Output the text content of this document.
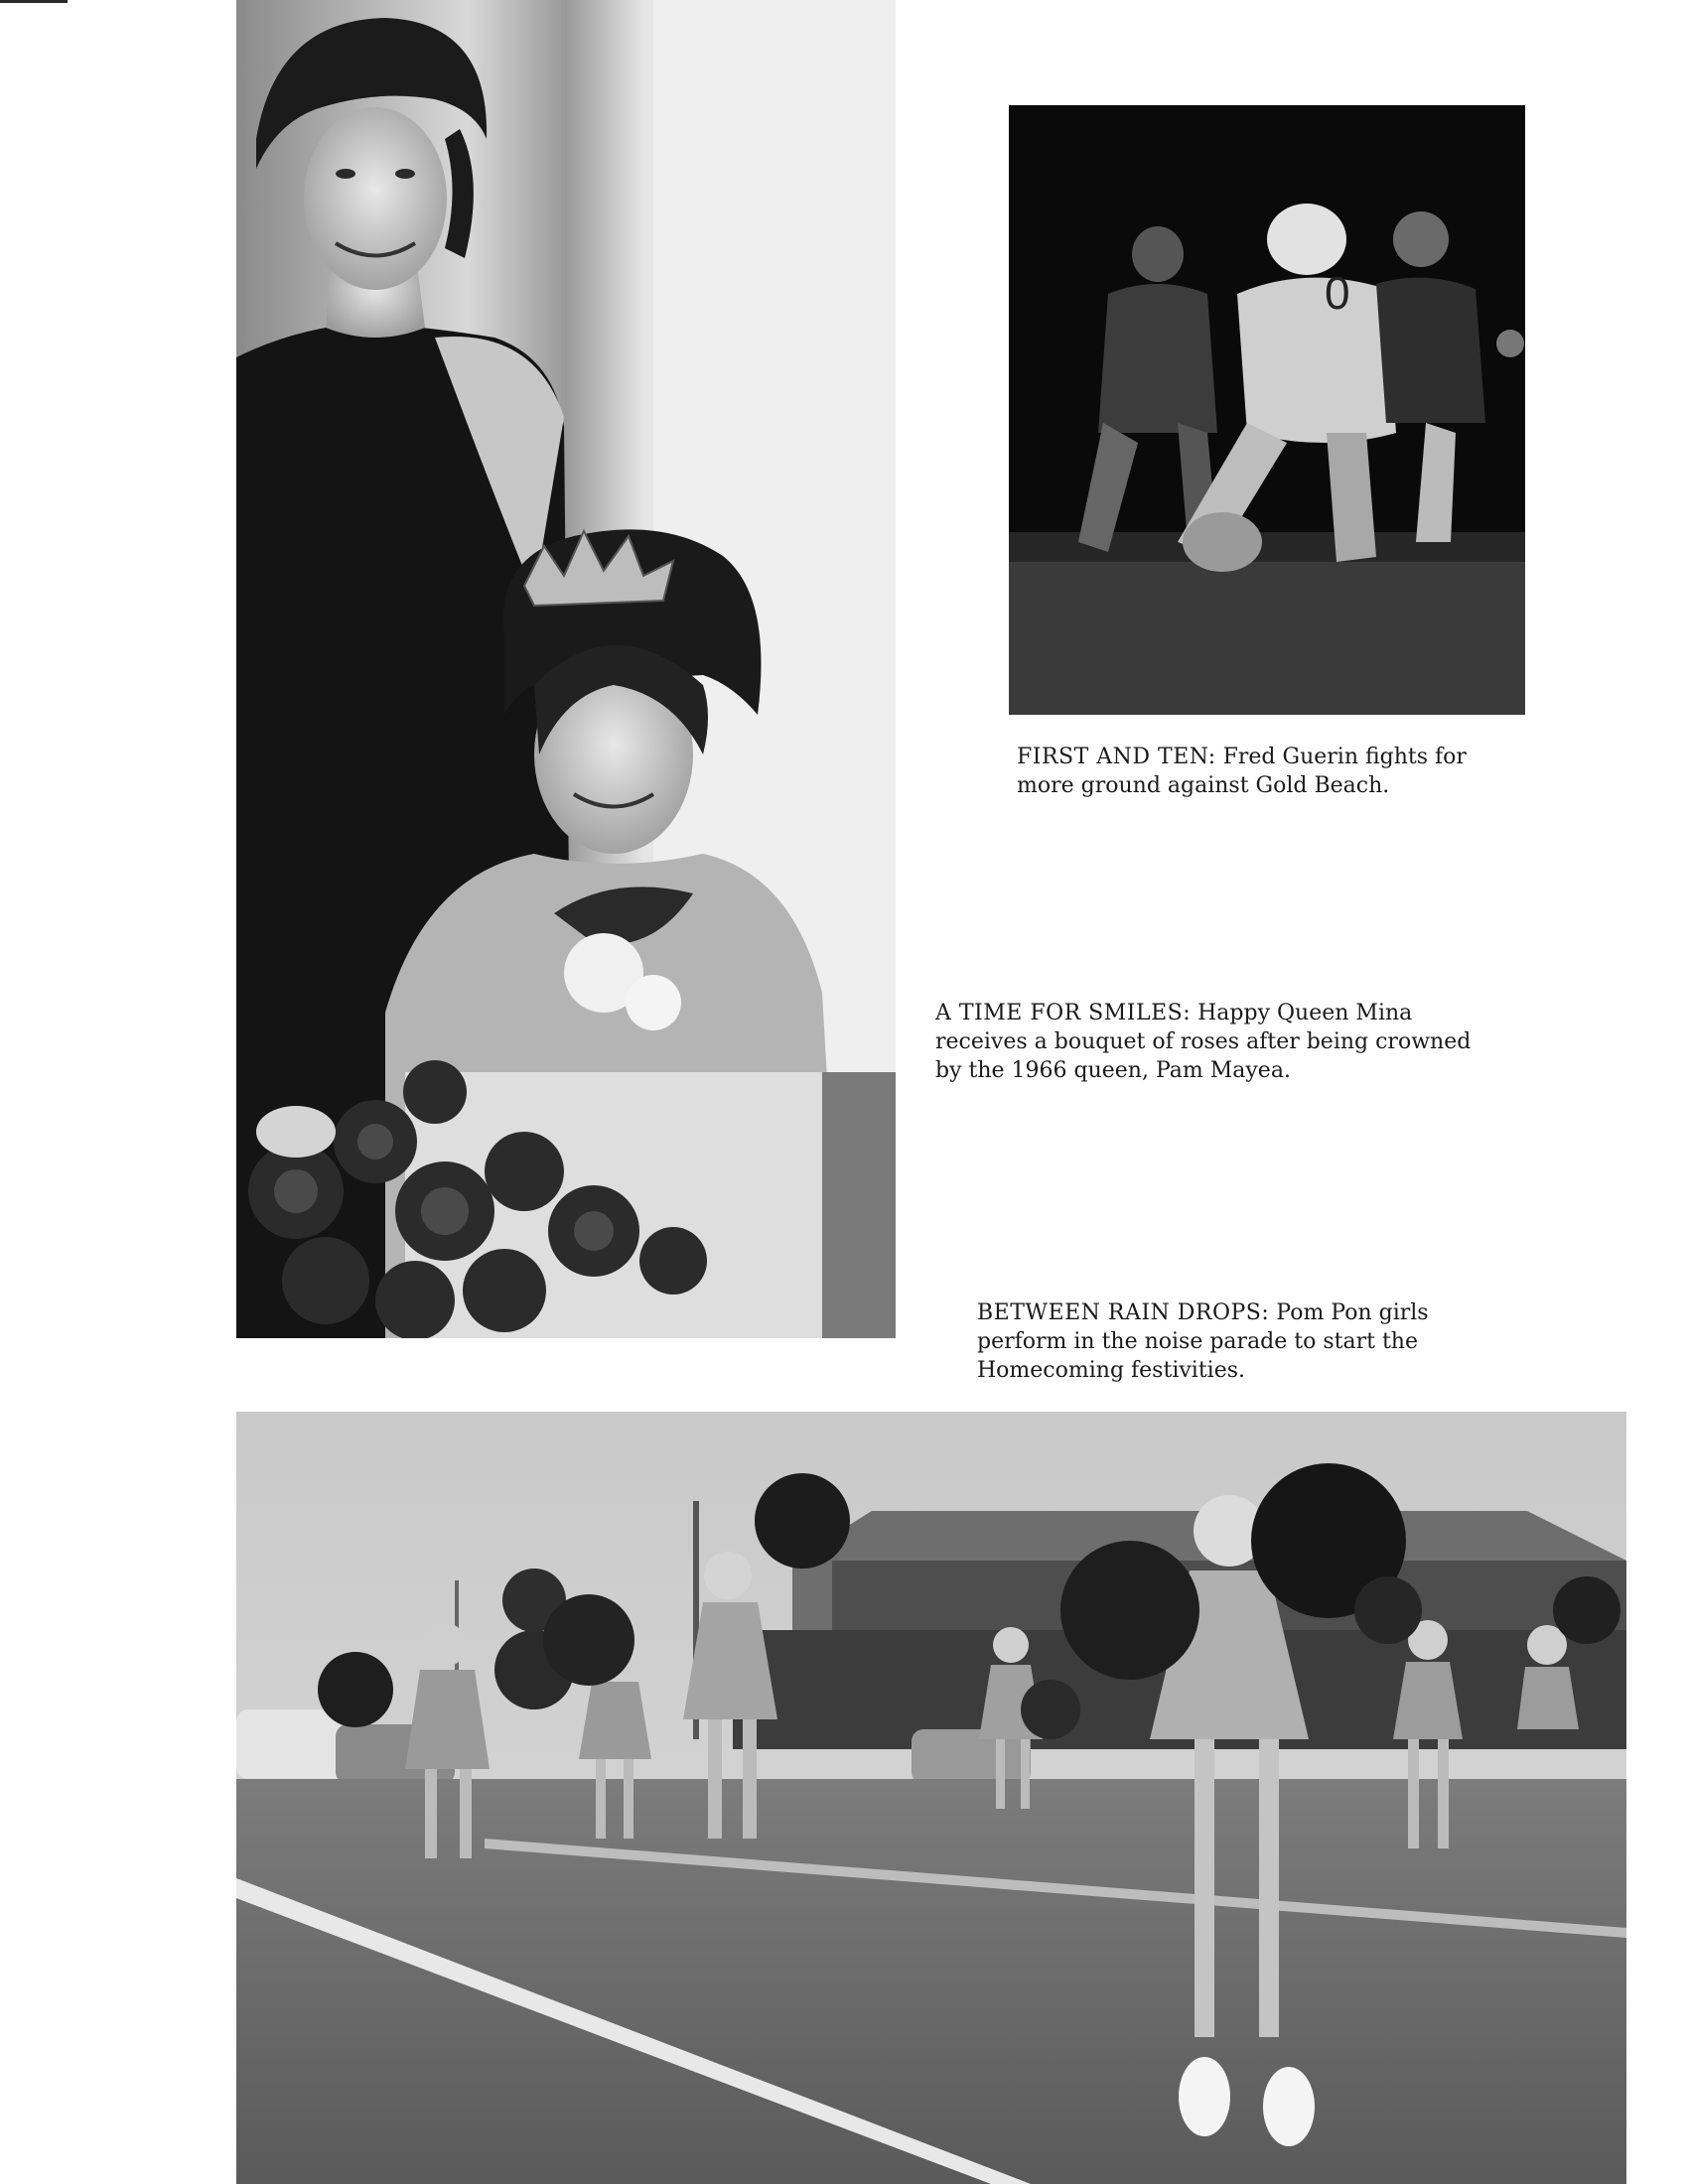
0

FIRST AND TEN: Fred Guerin fights for more ground against Gold Beach.

A TIME FOR SMILES: Happy Queen Mina receives a bouquet of roses after being crowned by the 1966 queen, Pam Mayea.

BETWEEN RAIN DROPS: Pom Pon girls perform in the noise parade to start the Homecoming festivities.
